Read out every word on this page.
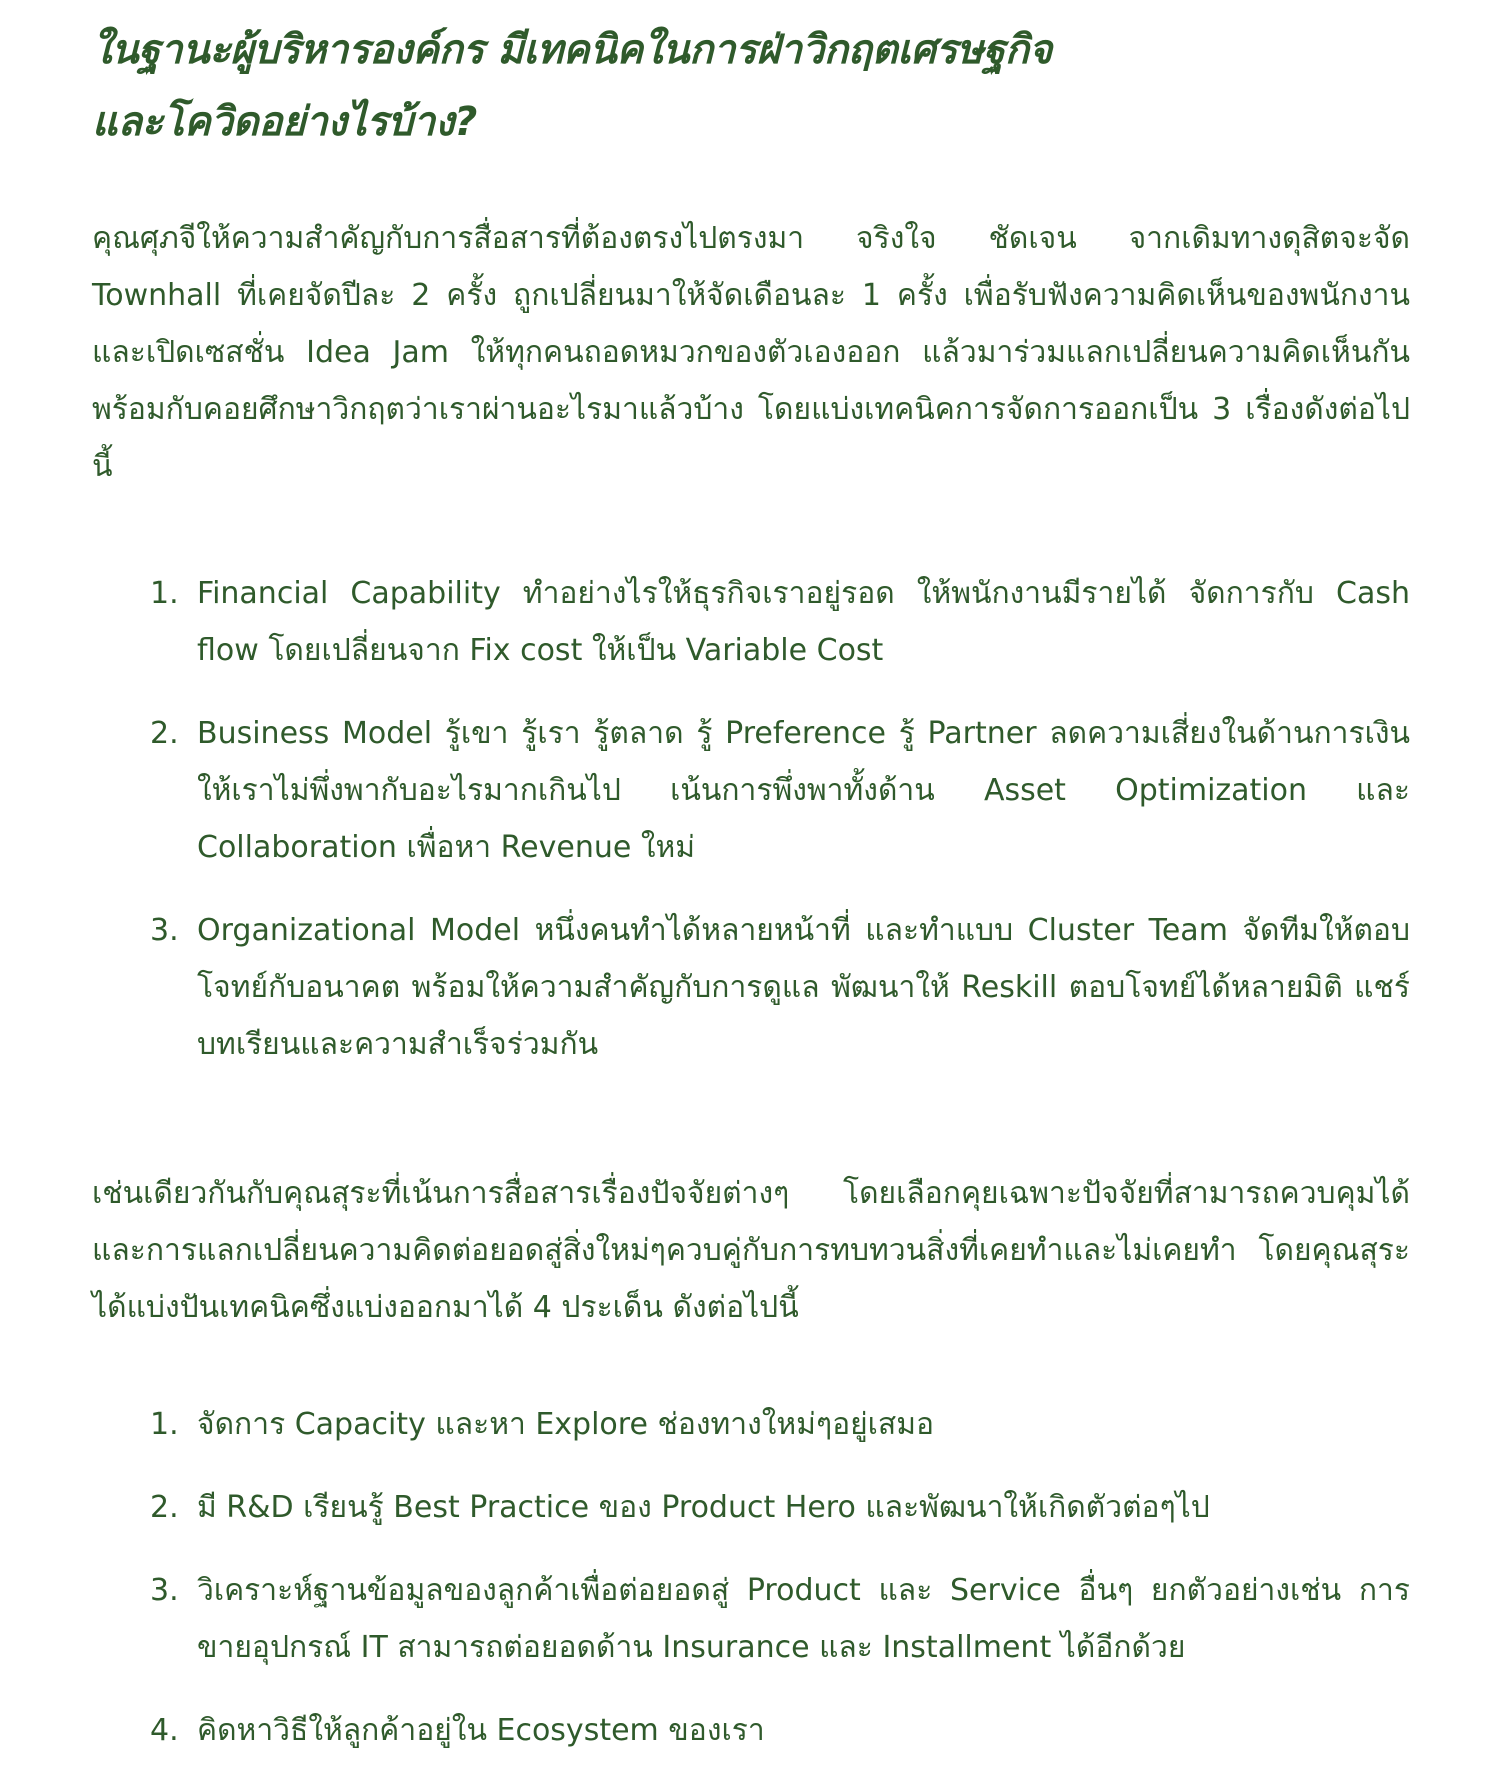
ในฐานะผู้บริหารองค์กร มีเทคนิคในการฝ่าวิกฤตเศรษฐกิจ
และโควิดอย่างไรบ้าง?

คุณศุภจีให้ความสำคัญกับการสื่อสารที่ต้องตรงไปตรงมา จริงใจ ชัดเจน จากเดิมทางดุสิตจะจัด Townhall ที่เคยจัดปีละ 2 ครั้ง ถูกเปลี่ยนมาให้จัดเดือนละ 1 ครั้ง เพื่อรับฟังความคิดเห็นของพนักงานและเปิดเซสชั่น Idea Jam ให้ทุกคนถอดหมวกของตัวเองออก แล้วมาร่วมแลกเปลี่ยนความคิดเห็นกัน พร้อมกับคอยศึกษาวิกฤตว่าเราผ่านอะไรมาแล้วบ้าง โดยแบ่งเทคนิคการจัดการออกเป็น 3 เรื่องดังต่อไปนี้

1. Financial Capability ทำอย่างไรให้ธุรกิจเราอยู่รอด ให้พนักงานมีรายได้ จัดการกับ Cash flow โดยเปลี่ยนจาก Fix cost ให้เป็น Variable Cost
2. Business Model รู้เขา รู้เรา รู้ตลาด รู้ Preference รู้ Partner ลดความเสี่ยงในด้านการเงิน ให้เราไม่พึ่งพากับอะไรมากเกินไป เน้นการพึ่งพาทั้งด้าน Asset Optimization และ Collaboration เพื่อหา Revenue ใหม่
3. Organizational Model หนึ่งคนทำได้หลายหน้าที่ และทำแบบ Cluster Team จัดทีมให้ตอบโจทย์กับอนาคต พร้อมให้ความสำคัญกับการดูแล พัฒนาให้ Reskill ตอบโจทย์ได้หลายมิติ แชร์บทเรียนและความสำเร็จร่วมกัน

เช่นเดียวกันกับคุณสุระที่เน้นการสื่อสารเรื่องปัจจัยต่างๆ โดยเลือกคุยเฉพาะปัจจัยที่สามารถควบคุมได้และการแลกเปลี่ยนความคิดต่อยอดสู่สิ่งใหม่ๆควบคู่กับการทบทวนสิ่งที่เคยทำและไม่เคยทำ โดยคุณสุระได้แบ่งปันเทคนิคซึ่งแบ่งออกมาได้ 4 ประเด็น ดังต่อไปนี้

1. จัดการ Capacity และหา Explore ช่องทางใหม่ๆอยู่เสมอ
2. มี R&D เรียนรู้ Best Practice ของ Product Hero และพัฒนาให้เกิดตัวต่อๆไป
3. วิเคราะห์ฐานข้อมูลของลูกค้าเพื่อต่อยอดสู่ Product และ Service อื่นๆ ยกตัวอย่างเช่น การขายอุปกรณ์ IT สามารถต่อยอดด้าน Insurance และ Installment ได้อีกด้วย
4. คิดหาวิธีให้ลูกค้าอยู่ใน Ecosystem ของเรา
